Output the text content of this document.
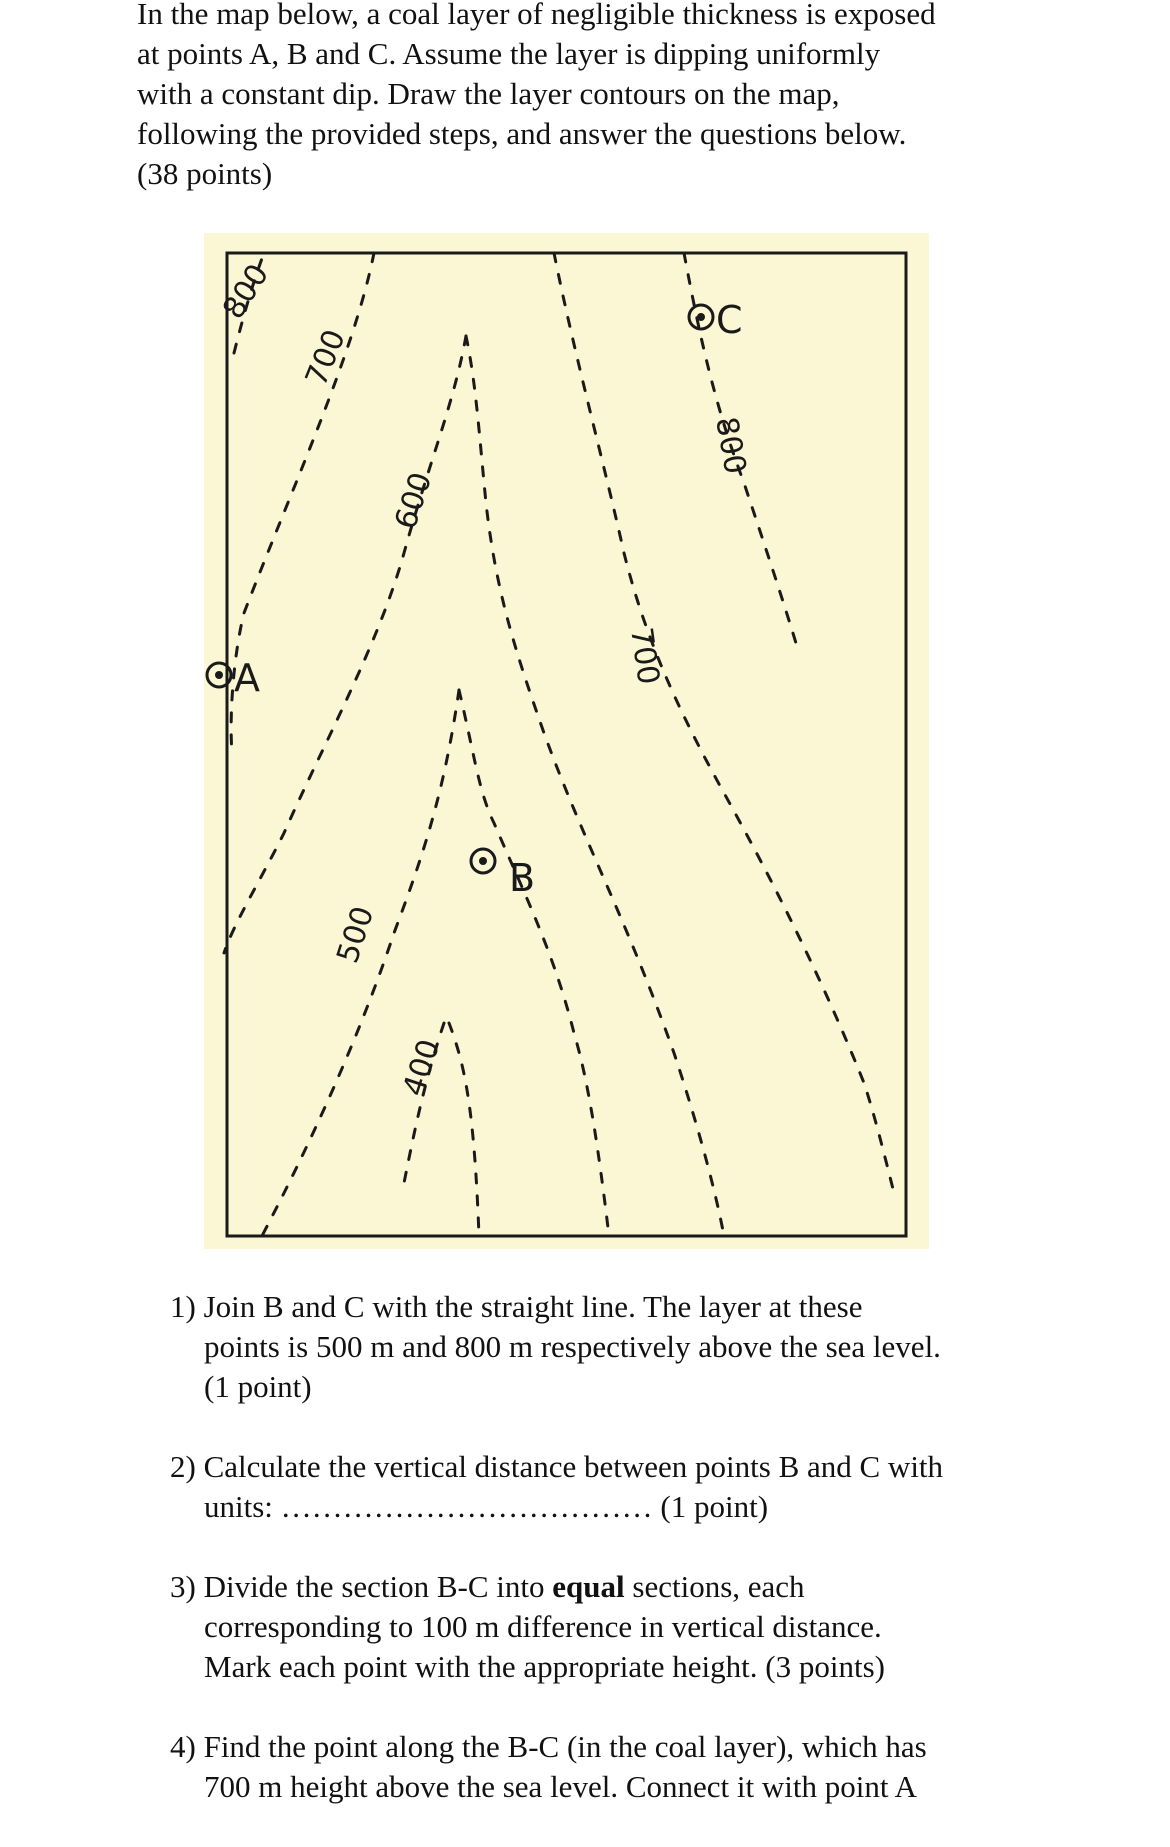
In the map below, a coal layer of negligible thickness is exposed
at points A, B and C. Assume the layer is dipping uniformly
with a constant dip. Draw the layer contours on the map,
following the provided steps, and answer the questions below.
(38 points)
800
700
600
500
400
700
800
A
B
C
1) Join B and C with the straight line. The layer at these
points is 500 m and 800 m respectively above the sea level.
(1 point)
2) Calculate the vertical distance between points B and C with
units: ……………………………… (1 point)
3) Divide the section B-C into equal sections, each
corresponding to 100 m difference in vertical distance.
Mark each point with the appropriate height. (3 points)
4) Find the point along the B-C (in the coal layer), which has
700 m height above the sea level. Connect it with point A
